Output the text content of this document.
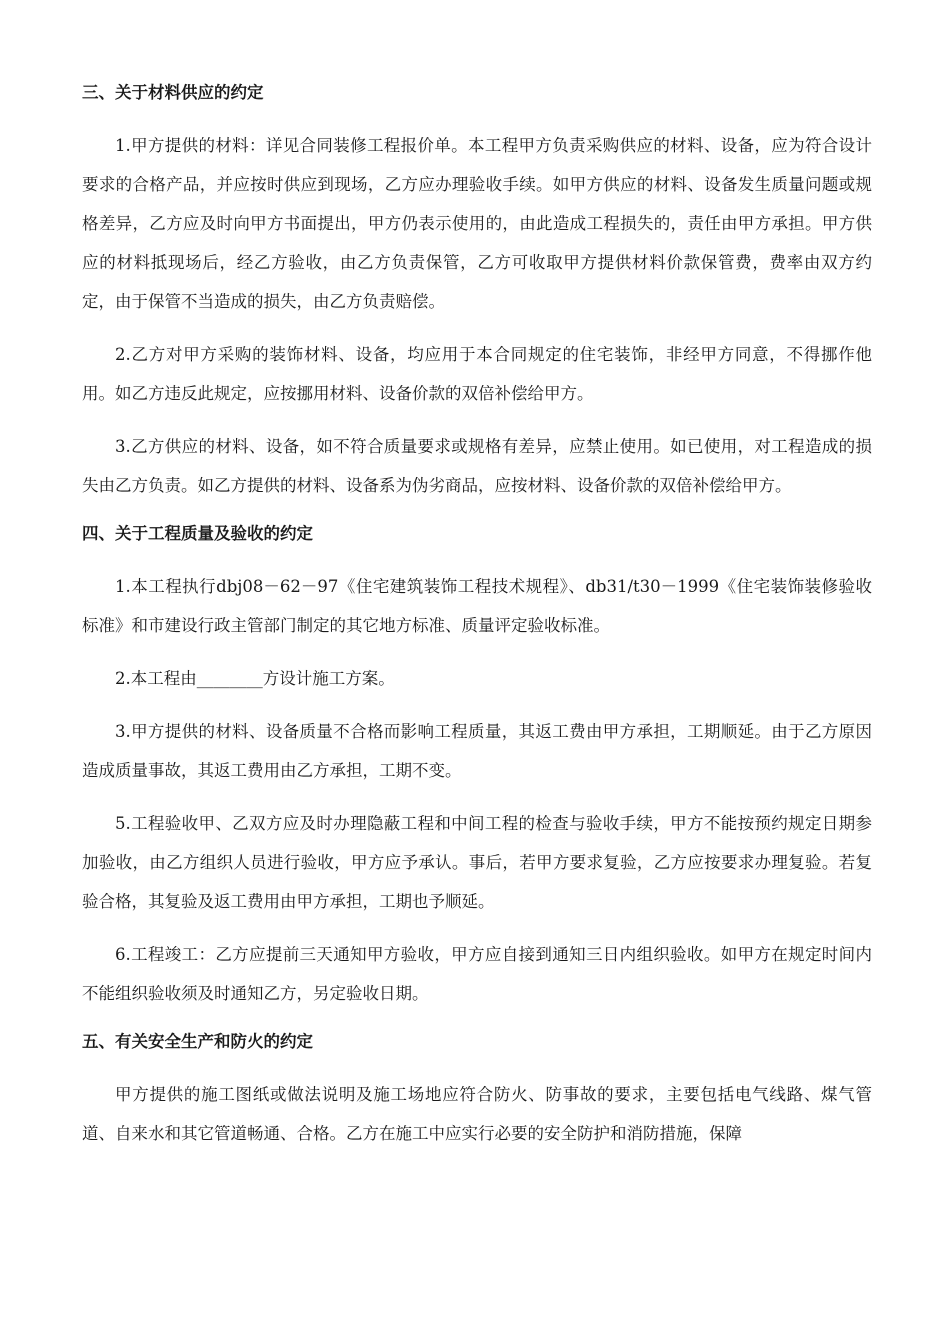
三、关于材料供应的约定

1.甲方提供的材料：详见合同装修工程报价单。本工程甲方负责采购供应的材料、设备，应为符合设计要求的合格产品，并应按时供应到现场，乙方应办理验收手续。如甲方供应的材料、设备发生质量问题或规格差异，乙方应及时向甲方书面提出，甲方仍表示使用的，由此造成工程损失的，责任由甲方承担。甲方供应的材料抵现场后，经乙方验收，由乙方负责保管，乙方可收取甲方提供材料价款保管费，费率由双方约定，由于保管不当造成的损失，由乙方负责赔偿。

2.乙方对甲方采购的装饰材料、设备，均应用于本合同规定的住宅装饰，非经甲方同意，不得挪作他用。如乙方违反此规定，应按挪用材料、设备价款的双倍补偿给甲方。

3.乙方供应的材料、设备，如不符合质量要求或规格有差异，应禁止使用。如已使用，对工程造成的损失由乙方负责。如乙方提供的材料、设备系为伪劣商品，应按材料、设备价款的双倍补偿给甲方。

四、关于工程质量及验收的约定

1.本工程执行dbj08－62－97《住宅建筑装饰工程技术规程》、db31/t30－1999《住宅装饰装修验收标准》和市建设行政主管部门制定的其它地方标准、质量评定验收标准。

2.本工程由________方设计施工方案。

3.甲方提供的材料、设备质量不合格而影响工程质量，其返工费由甲方承担，工期顺延。由于乙方原因造成质量事故，其返工费用由乙方承担，工期不变。

5.工程验收甲、乙双方应及时办理隐蔽工程和中间工程的检查与验收手续，甲方不能按预约规定日期参加验收，由乙方组织人员进行验收，甲方应予承认。事后，若甲方要求复验，乙方应按要求办理复验。若复验合格，其复验及返工费用由甲方承担，工期也予顺延。

6.工程竣工：乙方应提前三天通知甲方验收，甲方应自接到通知三日内组织验收。如甲方在规定时间内不能组织验收须及时通知乙方，另定验收日期。

五、有关安全生产和防火的约定

甲方提供的施工图纸或做法说明及施工场地应符合防火、防事故的要求，主要包括电气线路、煤气管道、自来水和其它管道畅通、合格。乙方在施工中应实行必要的安全防护和消防措施，保障
